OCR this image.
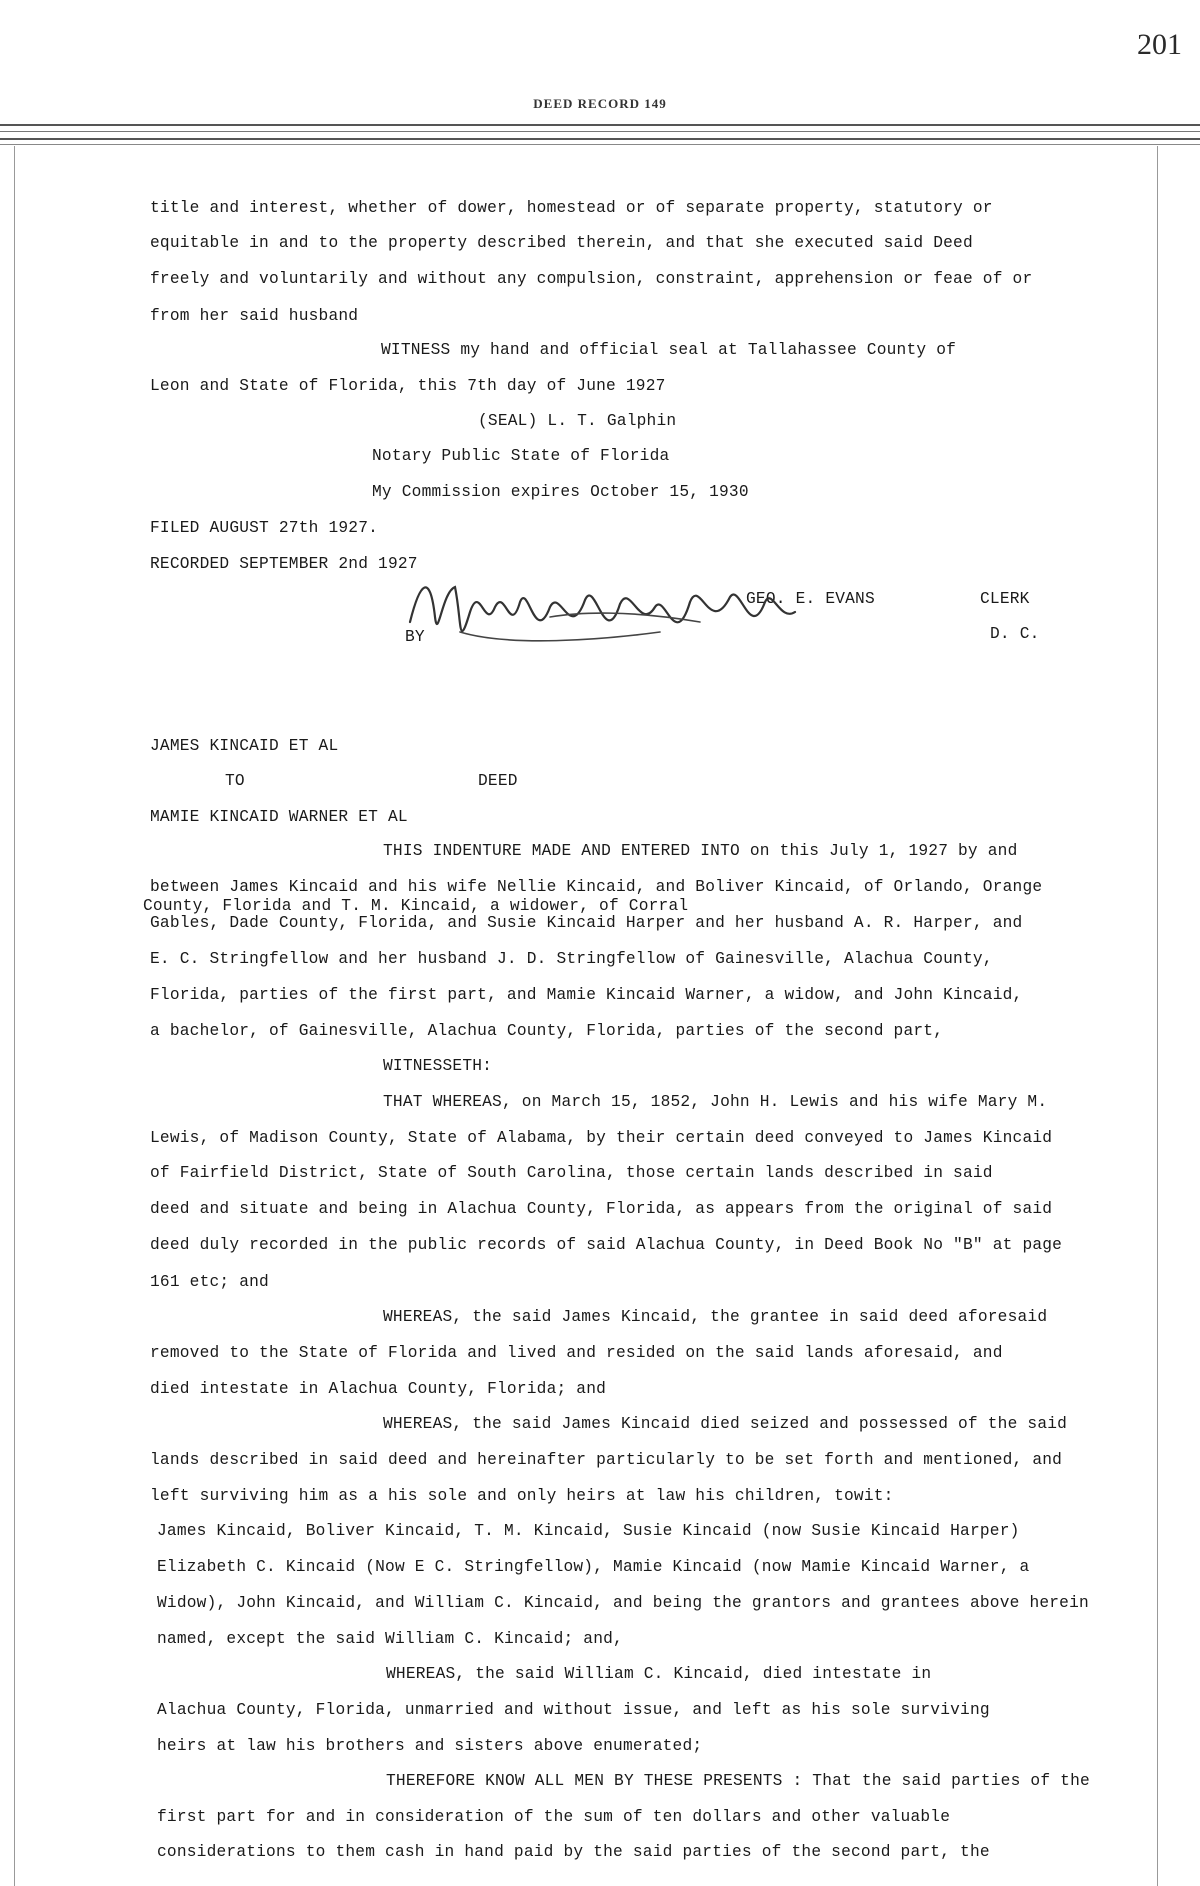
201
DEED RECORD 149
title and interest, whether of dower, homestead or of separate property, statutory or
equitable in and to the property described therein, and that she executed said Deed
freely and voluntarily and without any compulsion, constraint, apprehension or feae of or
from her said husband
WITNESS my hand and official seal at Tallahassee County of
Leon and State of Florida, this 7th day of June 1927
(SEAL) L. T. Galphin
Notary Public State of Florida
My Commission expires October 15, 1930
FILED AUGUST 27th 1927.
RECORDED SEPTEMBER 2nd 1927
GEO. E. EVANS	CLERK
BY	D. C.
JAMES KINCAID ET AL
TO	DEED
MAMIE KINCAID WARNER ET AL
THIS INDENTURE MADE AND ENTERED INTO on this July 1, 1927 by and
between James Kincaid and his wife Nellie Kincaid, and Boliver Kincaid, of Orlando, Orange
County, Florida and T. M. Kincaid, a widower, of Corral
Gables, Dade County, Florida, and Susie Kincaid Harper and her husband A. R. Harper, and
E. C. Stringfellow and her husband J. D. Stringfellow of Gainesville, Alachua County,
Florida, parties of the first part, and Mamie Kincaid Warner, a widow, and John Kincaid,
a bachelor, of Gainesville, Alachua County, Florida, parties of the second part,
WITNESSETH:
THAT WHEREAS, on March 15, 1852, John H. Lewis and his wife Mary M.
Lewis, of Madison County, State of Alabama, by their certain deed conveyed to James Kincaid
of Fairfield District, State of South Carolina, those certain lands described in said
deed and situate and being in Alachua County, Florida, as appears from the original of said
deed duly recorded in the public records of said Alachua County, in Deed Book No "B" at page
161 etc; and
WHEREAS, the said James Kincaid, the grantee in said deed aforesaid
removed to the State of Florida and lived and resided on the said lands aforesaid, and
died intestate in Alachua County, Florida; and
WHEREAS, the said James Kincaid died seized and possessed of the said
lands described in said deed and hereinafter particularly to be set forth and mentioned, and
left surviving him as a his sole and only heirs at law his children, towit:
James Kincaid, Boliver Kincaid, T. M. Kincaid, Susie Kincaid (now Susie Kincaid Harper)
Elizabeth C. Kincaid (Now E C. Stringfellow), Mamie Kincaid (now Mamie Kincaid Warner, a
Widow), John Kincaid, and William C. Kincaid, and being the grantors and grantees above herein
named, except the said William C. Kincaid; and,
WHEREAS, the said William C. Kincaid, died intestate in
Alachua County, Florida, unmarried and without issue, and left as his sole surviving
heirs at law his brothers and sisters above enumerated;
THEREFORE KNOW ALL MEN BY THESE PRESENTS : That the said parties of the
first part for and in consideration of the sum of ten dollars and other valuable
considerations to them cash in hand paid by the said parties of the second part, the
